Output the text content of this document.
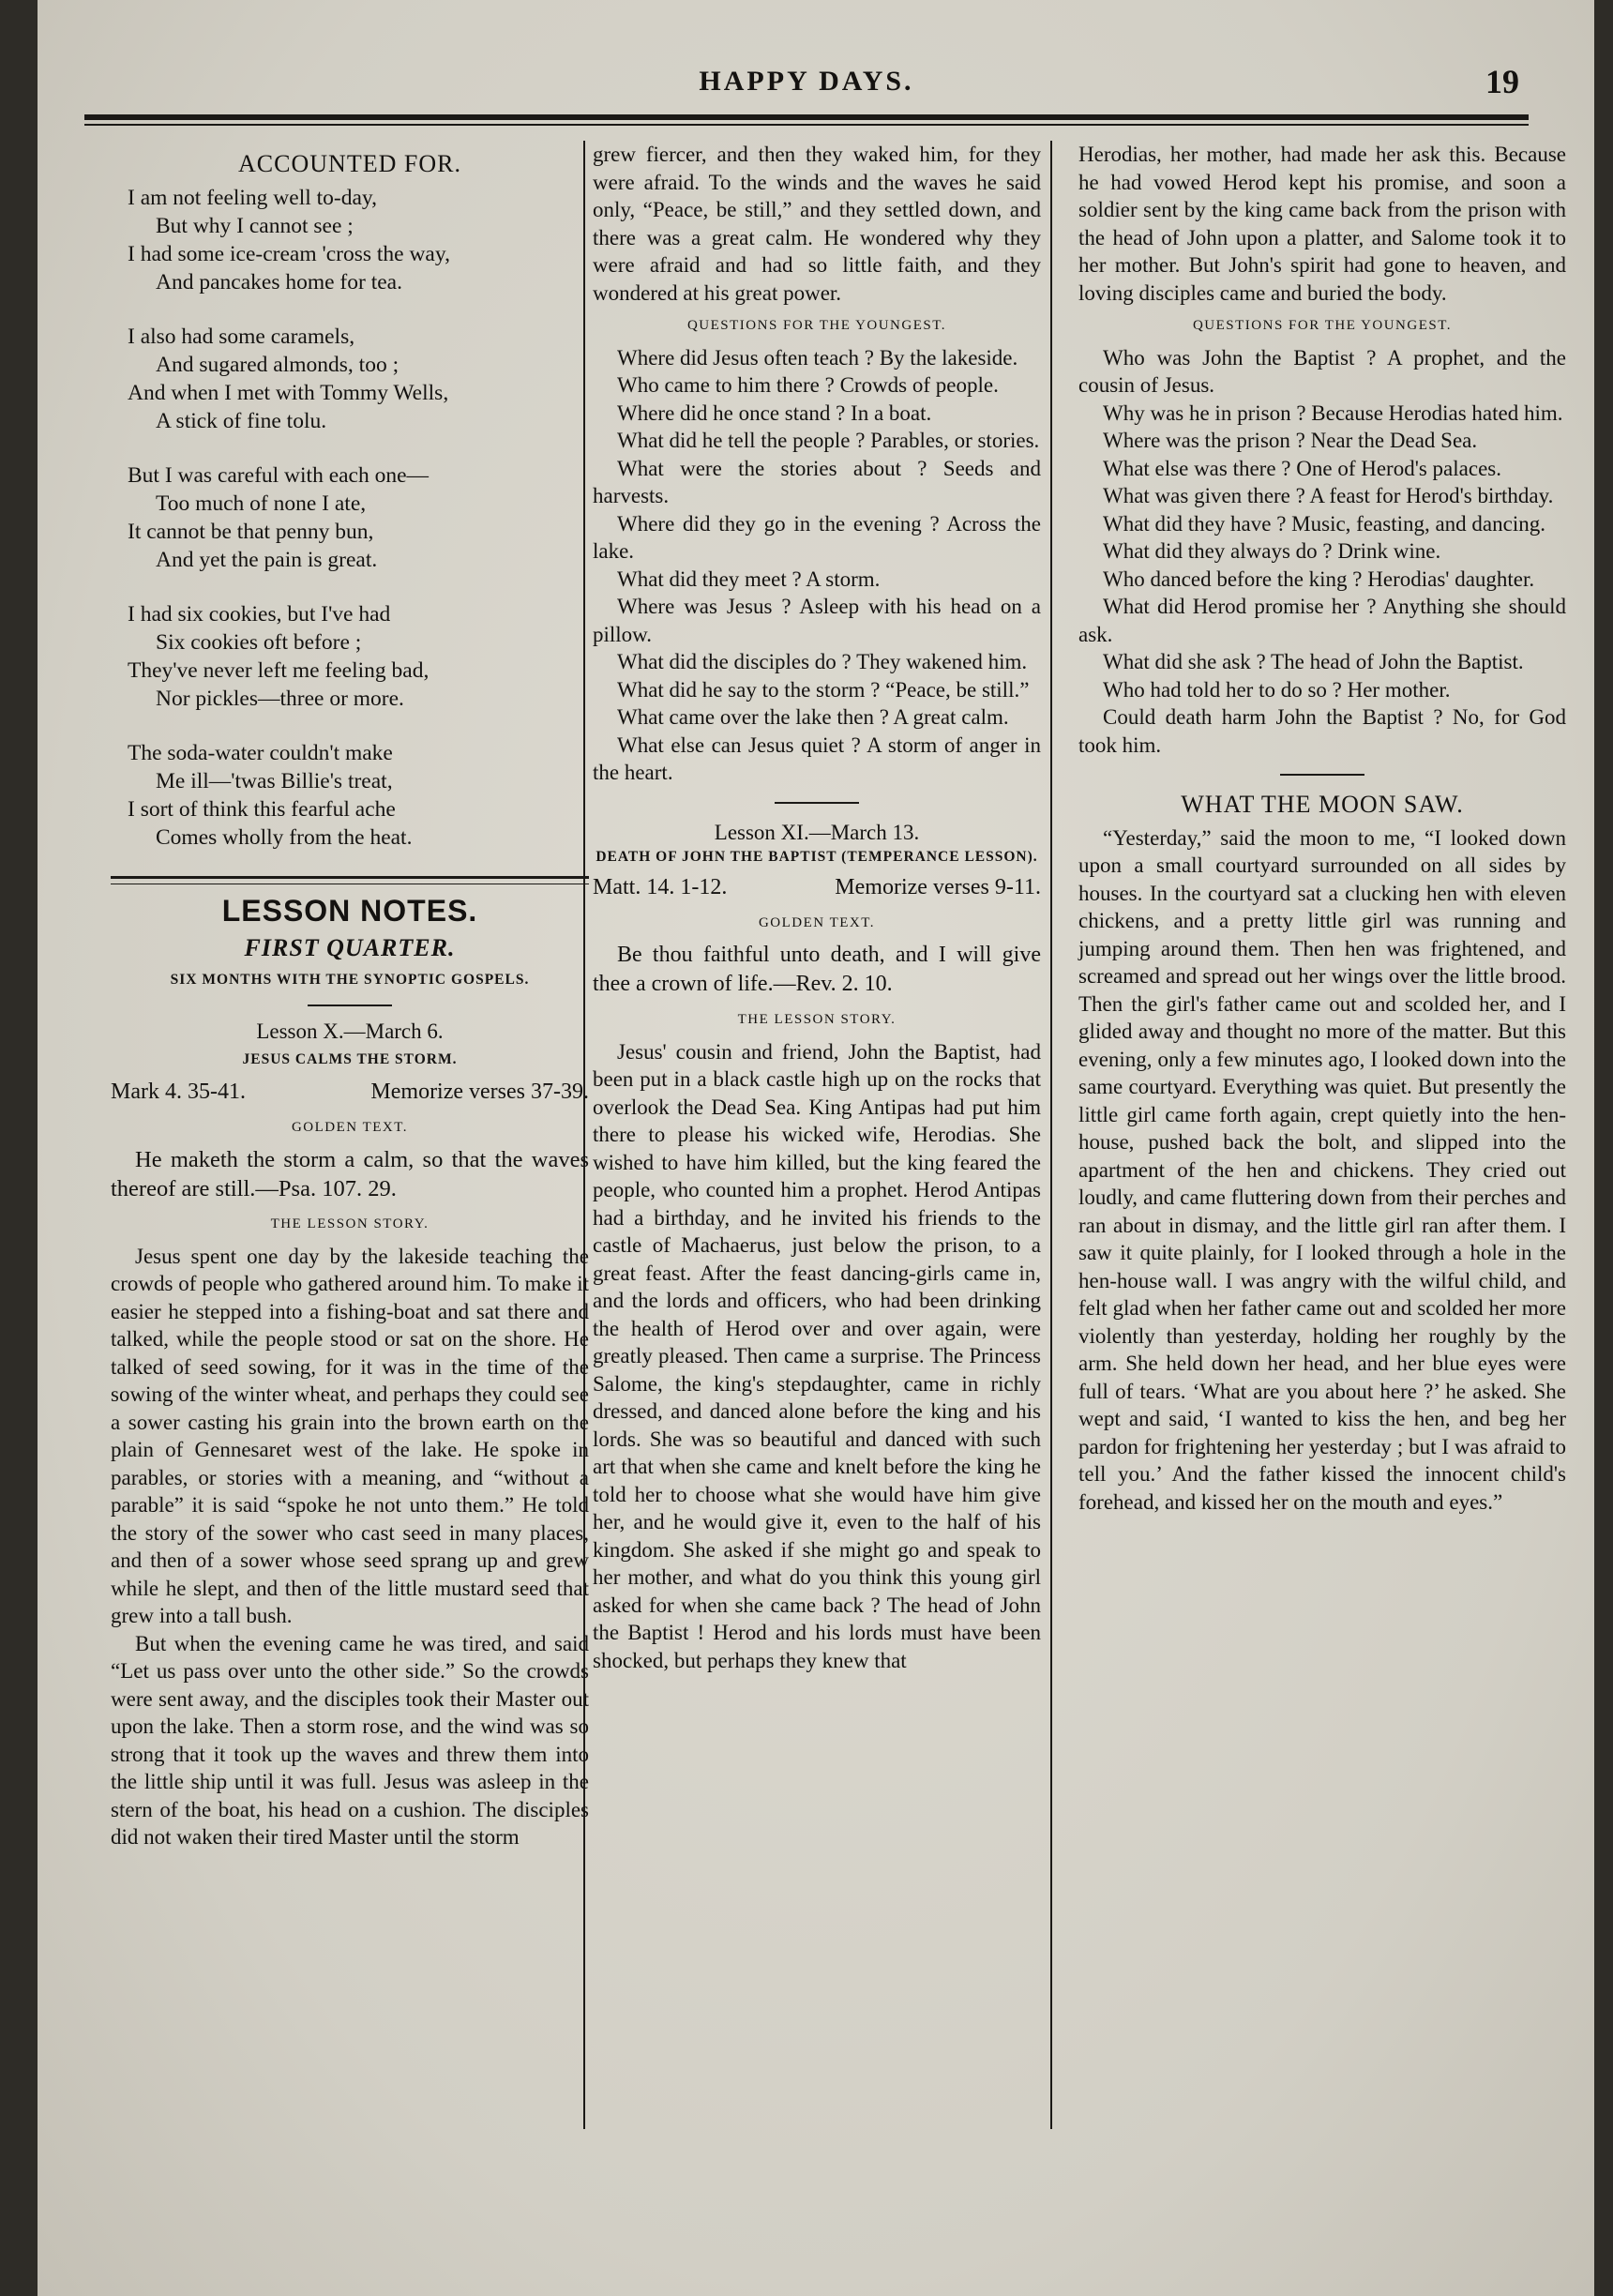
HAPPY DAYS.	19
ACCOUNTED FOR.
I am not feeling well to-day,
But why I cannot see ;
I had some ice-cream 'cross the way,
And pancakes home for tea.
I also had some caramels,
And sugared almonds, too ;
And when I met with Tommy Wells,
A stick of fine tolu.
But I was careful with each one—
Too much of none I ate,
It cannot be that penny bun,
And yet the pain is great.
I had six cookies, but I've had
Six cookies oft before ;
They've never left me feeling bad,
Nor pickles—three or more.
The soda-water couldn't make
Me ill—'twas Billie's treat,
I sort of think this fearful ache
Comes wholly from the heat.
LESSON NOTES.
FIRST QUARTER.
SIX MONTHS WITH THE SYNOPTIC GOSPELS.
Lesson X.—March 6.
JESUS CALMS THE STORM.
Mark 4. 35-41.	Memorize verses 37-39.
GOLDEN TEXT.

He maketh the storm a calm, so that the waves thereof are still.—Psa. 107. 29.

THE LESSON STORY.

Jesus spent one day by the lakeside teaching the crowds of people who gathered around him. To make it easier he stepped into a fishing-boat and sat there and talked, while the people stood or sat on the shore. He talked of seed sowing, for it was in the time of the sowing of the winter wheat, and perhaps they could see a sower casting his grain into the brown earth on the plain of Gennesaret west of the lake. He spoke in parables, or stories with a meaning, and “without a parable” it is said “spoke he not unto them.” He told the story of the sower who cast seed in many places, and then of a sower whose seed sprang up and grew while he slept, and then of the little mustard seed that grew into a tall bush.

But when the evening came he was tired, and said “Let us pass over unto the other side.” So the crowds were sent away, and the disciples took their Master out upon the lake. Then a storm rose, and the wind was so strong that it took up the waves and threw them into the little ship until it was full. Jesus was asleep in the stern of the boat, his head on a cushion. The disciples did not waken their tired Master until the storm

grew fiercer, and then they waked him, for they were afraid. To the winds and the waves he said only, “Peace, be still,” and they settled down, and there was a great calm. He wondered why they were afraid and had so little faith, and they wondered at his great power.

QUESTIONS FOR THE YOUNGEST.

Where did Jesus often teach ? By the lakeside.

Who came to him there ? Crowds of people.

Where did he once stand ? In a boat.

What did he tell the people ? Parables, or stories.

What were the stories about ? Seeds and harvests.

Where did they go in the evening ? Across the lake.

What did they meet ? A storm.

Where was Jesus ? Asleep with his head on a pillow.

What did the disciples do ? They wakened him.

What did he say to the storm ? “Peace, be still.”

What came over the lake then ? A great calm.

What else can Jesus quiet ? A storm of anger in the heart.

Lesson XI.—March 13.
DEATH OF JOHN THE BAPTIST (TEMPERANCE LESSON).
Matt. 14. 1-12.	Memorize verses 9-11.
GOLDEN TEXT.

Be thou faithful unto death, and I will give thee a crown of life.—Rev. 2. 10.

THE LESSON STORY.

Jesus' cousin and friend, John the Baptist, had been put in a black castle high up on the rocks that overlook the Dead Sea. King Antipas had put him there to please his wicked wife, Herodias. She wished to have him killed, but the king feared the people, who counted him a prophet. Herod Antipas had a birthday, and he invited his friends to the castle of Machaerus, just below the prison, to a great feast. After the feast dancing-girls came in, and the lords and officers, who had been drinking the health of Herod over and over again, were greatly pleased. Then came a surprise. The Princess Salome, the king's stepdaughter, came in richly dressed, and danced alone before the king and his lords. She was so beautiful and danced with such art that when she came and knelt before the king he told her to choose what she would have him give her, and he would give it, even to the half of his kingdom. She asked if she might go and speak to her mother, and what do you think this young girl asked for when she came back ? The head of John the Baptist ! Herod and his lords must have been shocked, but perhaps they knew that

Herodias, her mother, had made her ask this. Because he had vowed Herod kept his promise, and soon a soldier sent by the king came back from the prison with the head of John upon a platter, and Salome took it to her mother. But John's spirit had gone to heaven, and loving disciples came and buried the body.

QUESTIONS FOR THE YOUNGEST.

Who was John the Baptist ? A prophet, and the cousin of Jesus.

Why was he in prison ? Because Herodias hated him.

Where was the prison ? Near the Dead Sea.

What else was there ? One of Herod's palaces.

What was given there ? A feast for Herod's birthday.

What did they have ? Music, feasting, and dancing.

What did they always do ? Drink wine.

Who danced before the king ? Herodias' daughter.

What did Herod promise her ? Anything she should ask.

What did she ask ? The head of John the Baptist.

Who had told her to do so ? Her mother.

Could death harm John the Baptist ? No, for God took him.

WHAT THE MOON SAW.

“Yesterday,” said the moon to me, “I looked down upon a small courtyard surrounded on all sides by houses. In the courtyard sat a clucking hen with eleven chickens, and a pretty little girl was running and jumping around them. Then hen was frightened, and screamed and spread out her wings over the little brood. Then the girl's father came out and scolded her, and I glided away and thought no more of the matter. But this evening, only a few minutes ago, I looked down into the same courtyard. Everything was quiet. But presently the little girl came forth again, crept quietly into the hen-house, pushed back the bolt, and slipped into the apartment of the hen and chickens. They cried out loudly, and came fluttering down from their perches and ran about in dismay, and the little girl ran after them. I saw it quite plainly, for I looked through a hole in the hen-house wall. I was angry with the wilful child, and felt glad when her father came out and scolded her more violently than yesterday, holding her roughly by the arm. She held down her head, and her blue eyes were full of tears. ‘What are you about here ?’ he asked. She wept and said, ‘I wanted to kiss the hen, and beg her pardon for frightening her yesterday ; but I was afraid to tell you.’ And the father kissed the innocent child's forehead, and kissed her on the mouth and eyes.”
